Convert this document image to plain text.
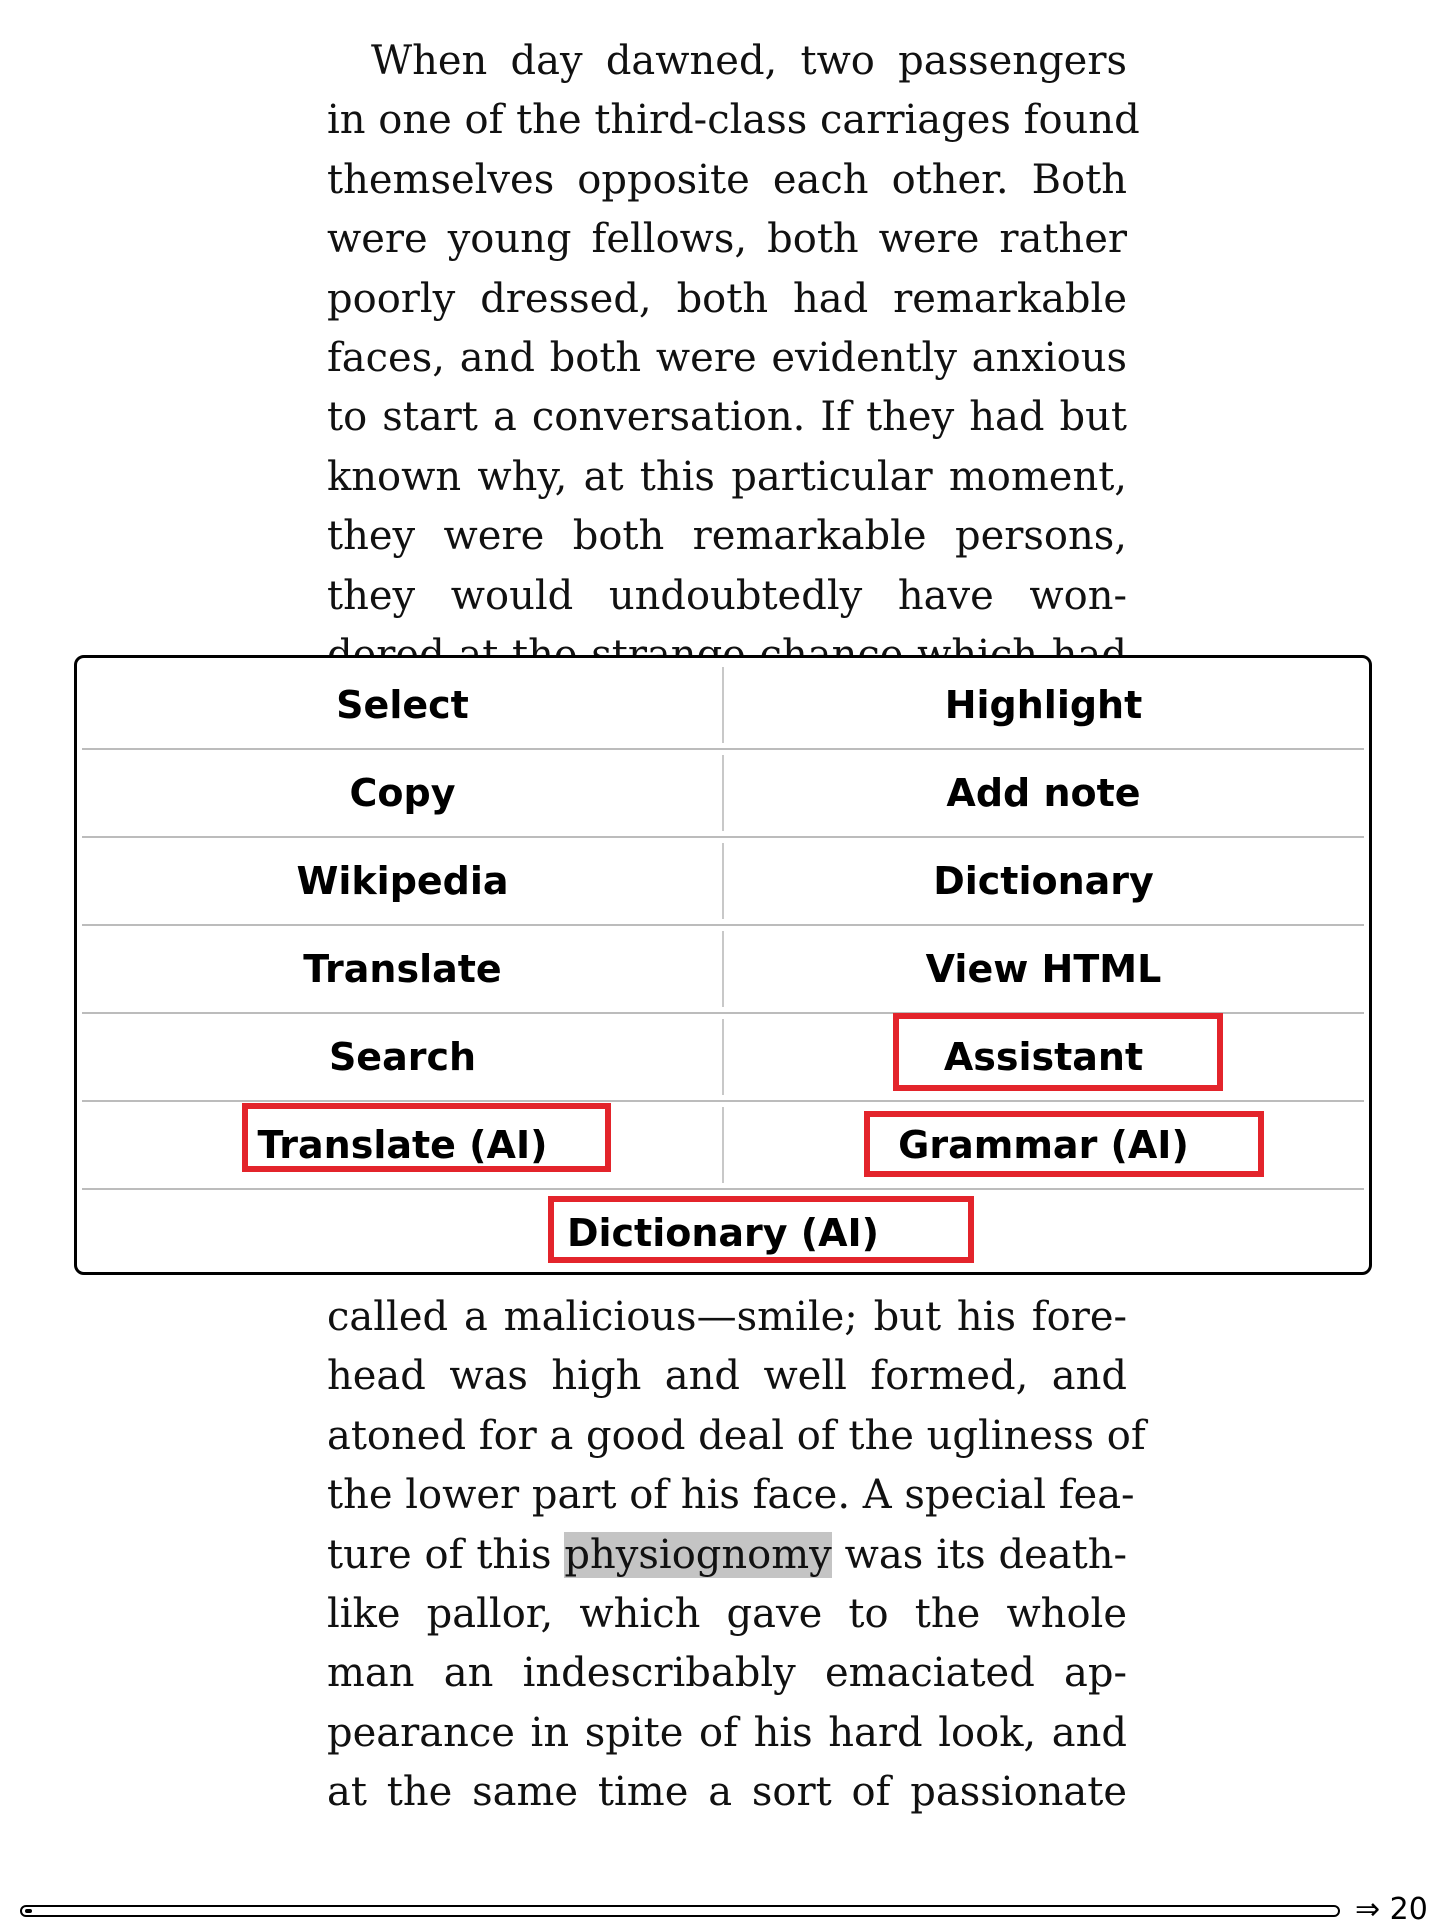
When day dawned, two passengers
in one of the third-class carriages found
themselves opposite each other. Both
were young fellows, both were rather
poorly dressed, both had remarkable
faces, and both were evidently anxious
to start a conversation. If they had but
known why, at this particular moment,
they were both remarkable persons,
they would undoubtedly have won-
called a malicious—smile; but his fore-
head was high and well formed, and
atoned for a good deal of the ugliness of
the lower part of his face. A special fea-
ture of this physiognomy was its death-
like pallor, which gave to the whole
man an indescribably emaciated ap-
pearance in spite of his hard look, and
at the same time a sort of passionate
Select	Highlight
Copy	Add note
Wikipedia	Dictionary
Translate	View HTML
Search	Assistant
Translate (AI)	Grammar (AI)
Dictionary (AI)
⇒ 20
